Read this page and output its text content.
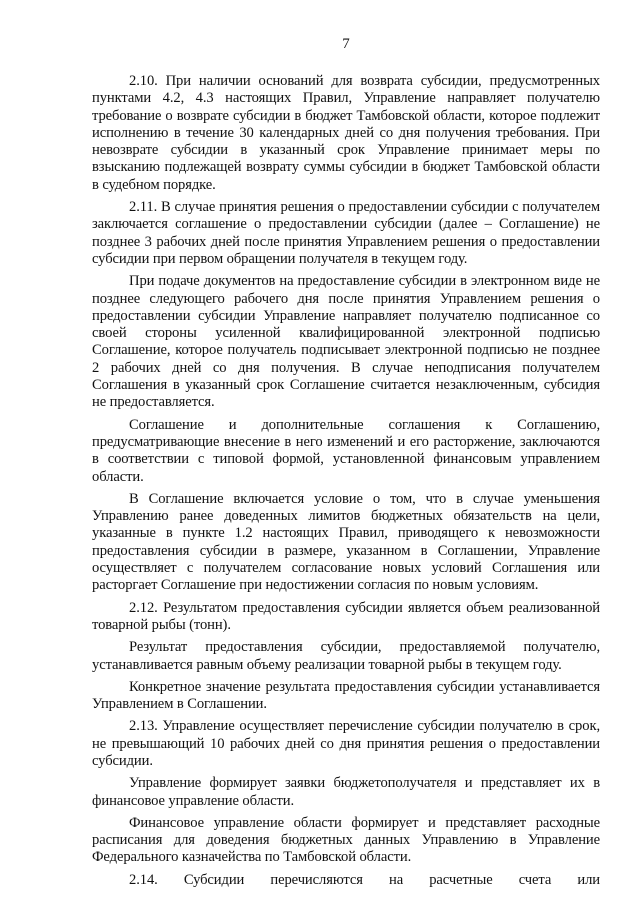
7

2.10. При наличии оснований для возврата субсидии, предусмотренных пунктами 4.2, 4.3 настоящих Правил, Управление направляет получателю требование о возврате субсидии в бюджет Тамбовской области, которое подлежит исполнению в течение 30 календарных дней со дня получения требования. При невозврате субсидии в указанный срок Управление принимает меры по взысканию подлежащей возврату суммы субсидии в бюджет Тамбовской области в судебном порядке.

2.11. В случае принятия решения о предоставлении субсидии с получателем заключается соглашение о предоставлении субсидии (далее – Соглашение) не позднее 3 рабочих дней после принятия Управлением решения о предоставлении субсидии при первом обращении получателя в текущем году.

При подаче документов на предоставление субсидии в электронном виде не позднее следующего рабочего дня после принятия Управлением решения о предоставлении субсидии Управление направляет получателю подписанное со своей стороны усиленной квалифицированной электронной подписью Соглашение, которое получатель подписывает электронной подписью не позднее 2 рабочих дней со дня получения. В случае неподписания получателем Соглашения в указанный срок Соглашение считается незаключенным, субсидия не предоставляется.

Соглашение и дополнительные соглашения к Соглашению, предусматривающие внесение в него изменений и его расторжение, заключаются в соответствии с типовой формой, установленной финансовым управлением области.

В Соглашение включается условие о том, что в случае уменьшения Управлению ранее доведенных лимитов бюджетных обязательств на цели, указанные в пункте 1.2 настоящих Правил, приводящего к невозможности предоставления субсидии в размере, указанном в Соглашении, Управление осуществляет с получателем согласование новых условий Соглашения или расторгает Соглашение при недостижении согласия по новым условиям.

2.12. Результатом предоставления субсидии является объем реализованной товарной рыбы (тонн).

Результат предоставления субсидии, предоставляемой получателю, устанавливается равным объему реализации товарной рыбы в текущем году.

Конкретное значение результата предоставления субсидии устанавливается Управлением в Соглашении.

2.13. Управление осуществляет перечисление субсидии получателю в срок, не превышающий 10 рабочих дней со дня принятия решения о предоставлении субсидии.

Управление формирует заявки бюджетополучателя и представляет их в финансовое управление области.

Финансовое управление области формирует и представляет расходные расписания для доведения бюджетных данных Управлению в Управление Федерального казначейства по Тамбовской области.

2.14. Субсидии перечисляются на расчетные счета или
